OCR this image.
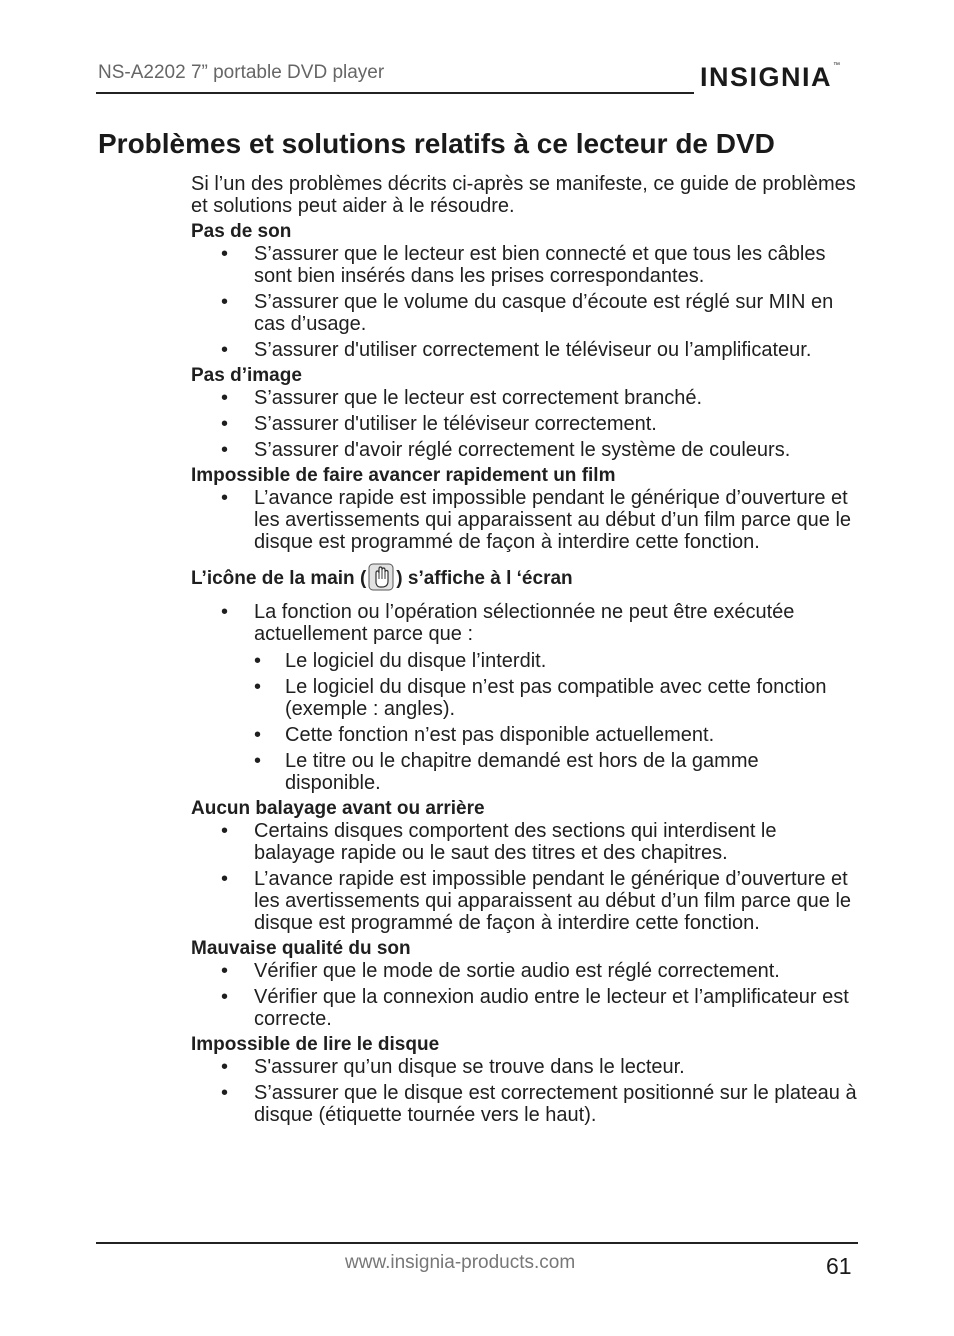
NS-A2202 7” portable DVD player	INSIGNIA™
Problèmes et solutions relatifs à ce lecteur de DVD

Si l’un des problèmes décrits ci-après se manifeste, ce guide de problèmes et solutions peut aider à le résoudre.

Pas de son

• S’assurer que le lecteur est bien connecté et que tous les câbles sont bien insérés dans les prises correspondantes.
• S’assurer que le volume du casque d’écoute est réglé sur MIN en cas d’usage.
• S’assurer d'utiliser correctement le téléviseur ou l’amplificateur.

Pas d’image

• S’assurer que le lecteur est correctement branché.
• S’assurer d'utiliser le téléviseur correctement.
• S’assurer d'avoir réglé correctement le système de couleurs.

Impossible de faire avancer rapidement un film

• L’avance rapide est impossible pendant le générique d’ouverture et les avertissements qui apparaissent au début d’un film parce que le disque est programmé de façon à interdire cette fonction.

L’icône de la main ( ) s’affiche à l ‘écran

• La fonction ou l’opération sélectionnée ne peut être exécutée actuellement parce que :
• Le logiciel du disque l’interdit.
• Le logiciel du disque n’est pas compatible avec cette fonction (exemple : angles).
• Cette fonction n’est pas disponible actuellement.
• Le titre ou le chapitre demandé est hors de la gamme disponible.

Aucun balayage avant ou arrière

• Certains disques comportent des sections qui interdisent le balayage rapide ou le saut des titres et des chapitres.
• L’avance rapide est impossible pendant le générique d’ouverture et les avertissements qui apparaissent au début d’un film parce que le disque est programmé de façon à interdire cette fonction.

Mauvaise qualité du son

• Vérifier que le mode de sortie audio est réglé correctement.
• Vérifier que la connexion audio entre le lecteur et l’amplificateur est correcte.

Impossible de lire le disque

• S'assurer qu’un disque se trouve dans le lecteur.
• S’assurer que le disque est correctement positionné sur le plateau à disque (étiquette tournée vers le haut).
www.insignia-products.com	61
